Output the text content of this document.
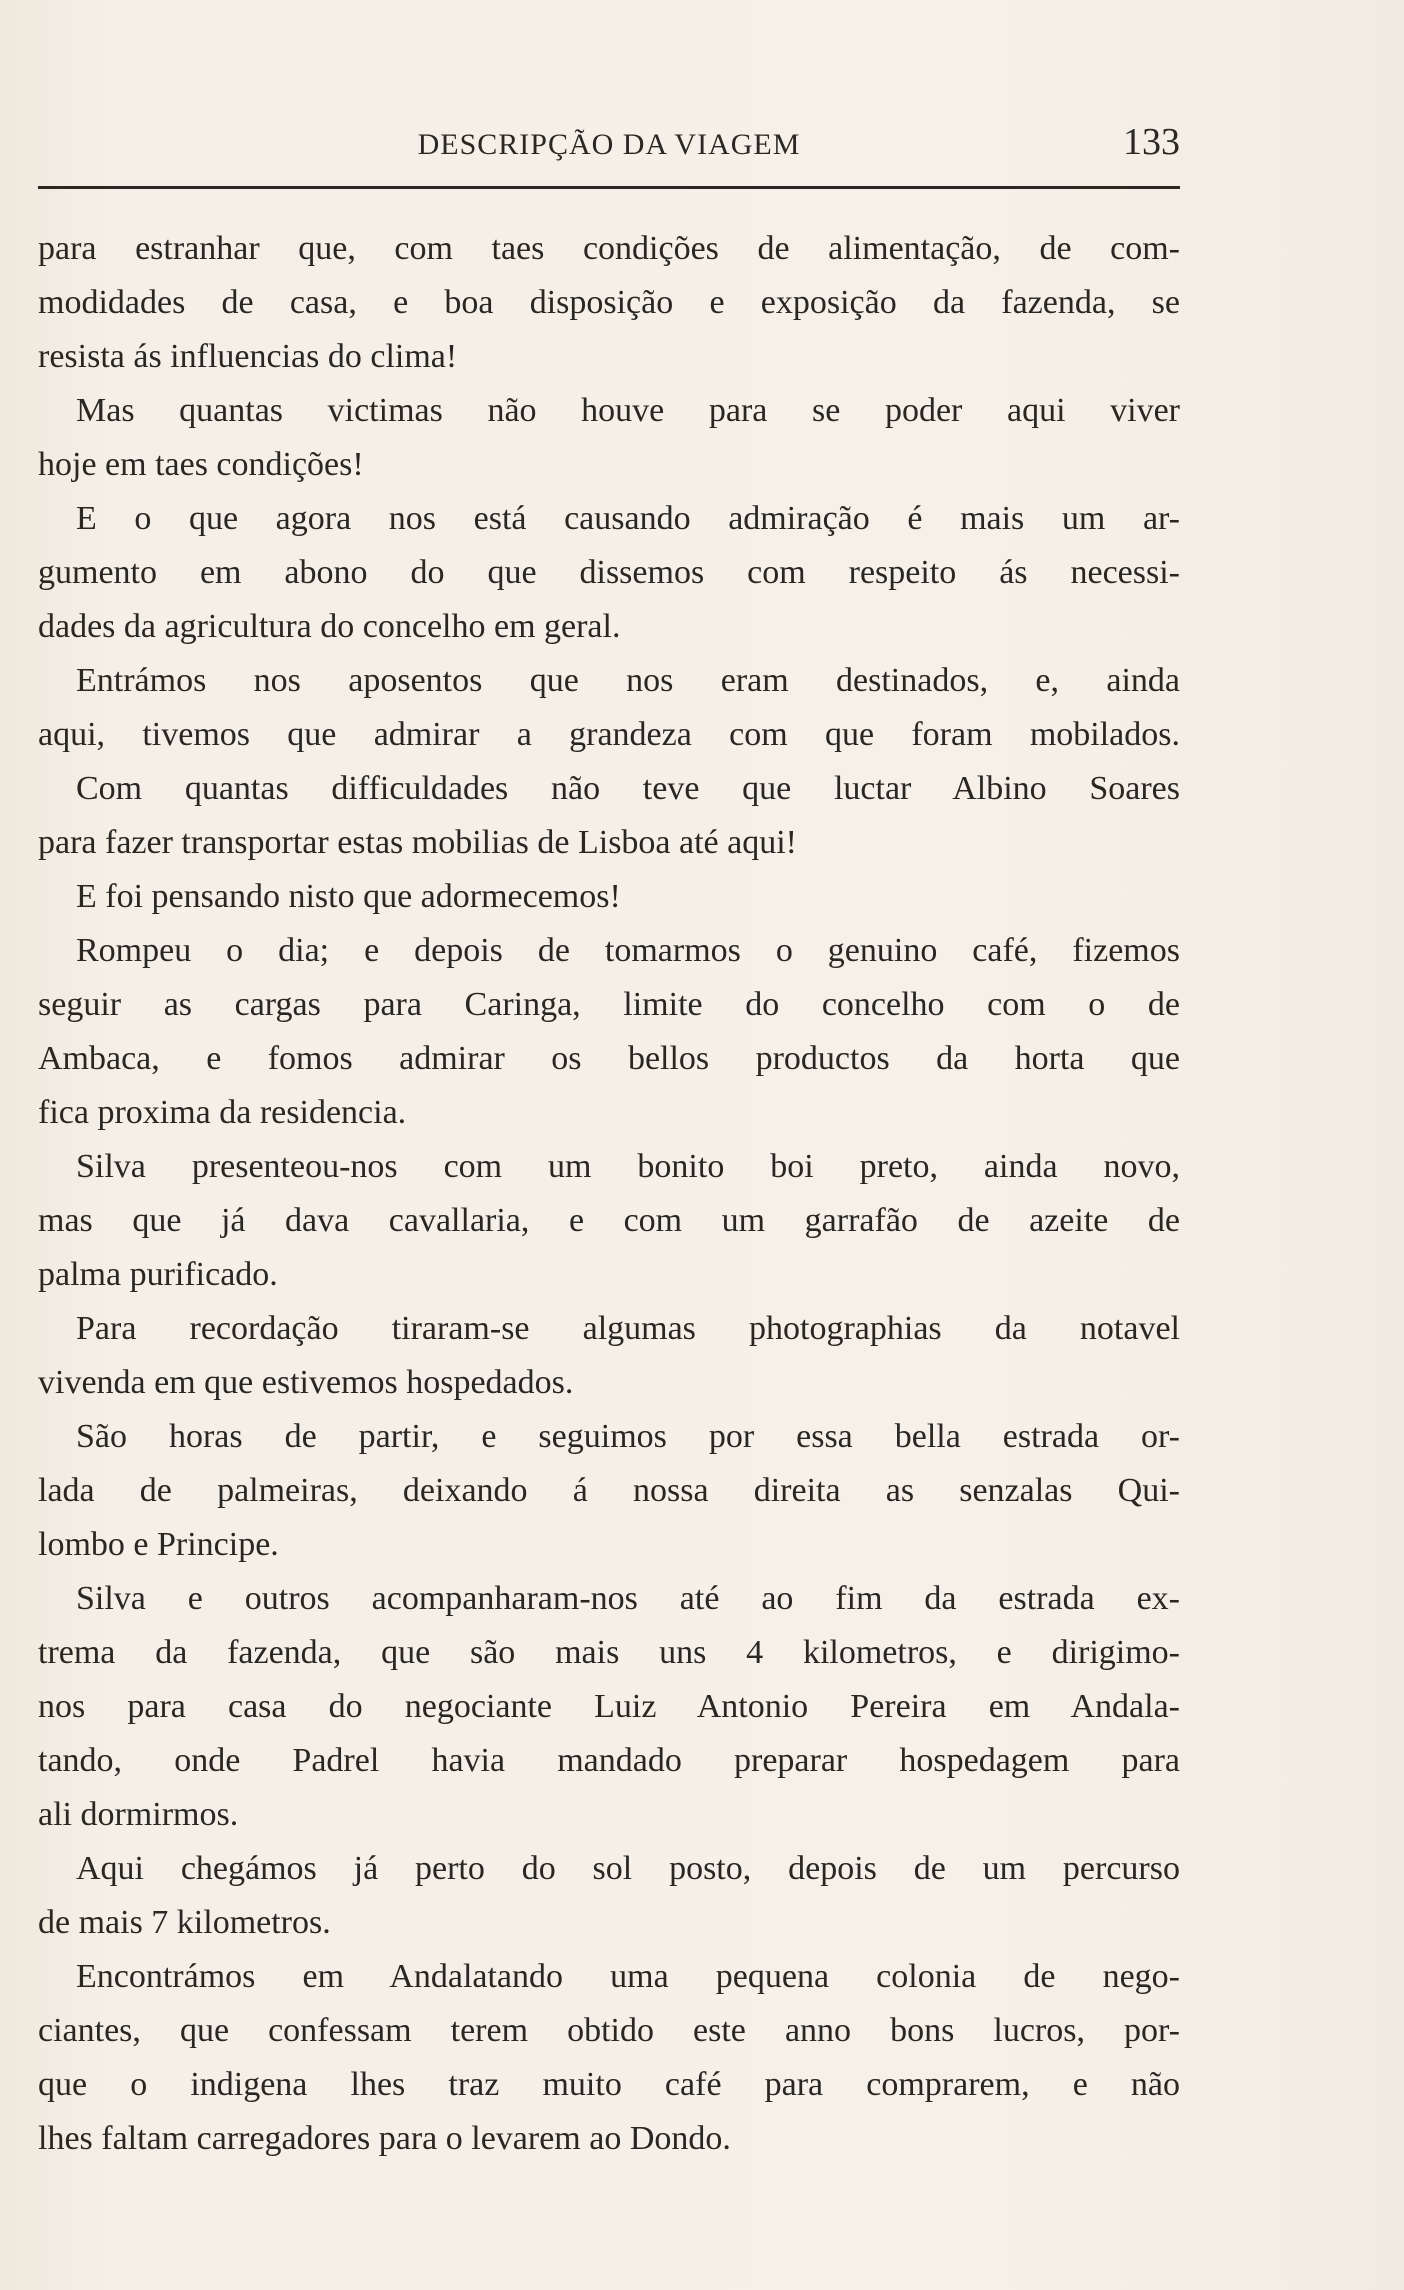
DESCRIPÇÃO DA VIAGEM	133
para estranhar que, com taes condições de alimentação, de com-
modidades de casa, e boa disposição e exposição da fazenda, se
resista ás influencias do clima!
Mas quantas victimas não houve para se poder aqui viver
hoje em taes condições!
E o que agora nos está causando admiração é mais um ar-
gumento em abono do que dissemos com respeito ás necessi-
dades da agricultura do concelho em geral.
Entrámos nos aposentos que nos eram destinados, e, ainda
aqui, tivemos que admirar a grandeza com que foram mobilados.
Com quantas difficuldades não teve que luctar Albino Soares
para fazer transportar estas mobilias de Lisboa até aqui!
E foi pensando nisto que adormecemos!
Rompeu o dia; e depois de tomarmos o genuino café, fizemos
seguir as cargas para Caringa, limite do concelho com o de
Ambaca, e fomos admirar os bellos productos da horta que
fica proxima da residencia.
Silva presenteou-nos com um bonito boi preto, ainda novo,
mas que já dava cavallaria, e com um garrafão de azeite de
palma purificado.
Para recordação tiraram-se algumas photographias da notavel
vivenda em que estivemos hospedados.
São horas de partir, e seguimos por essa bella estrada or-
lada de palmeiras, deixando á nossa direita as senzalas Qui-
lombo e Principe.
Silva e outros acompanharam-nos até ao fim da estrada ex-
trema da fazenda, que são mais uns 4 kilometros, e dirigimo-
nos para casa do negociante Luiz Antonio Pereira em Andala-
tando, onde Padrel havia mandado preparar hospedagem para
ali dormirmos.
Aqui chegámos já perto do sol posto, depois de um percurso
de mais 7 kilometros.
Encontrámos em Andalatando uma pequena colonia de nego-
ciantes, que confessam terem obtido este anno bons lucros, por-
que o indigena lhes traz muito café para comprarem, e não
lhes faltam carregadores para o levarem ao Dondo.
